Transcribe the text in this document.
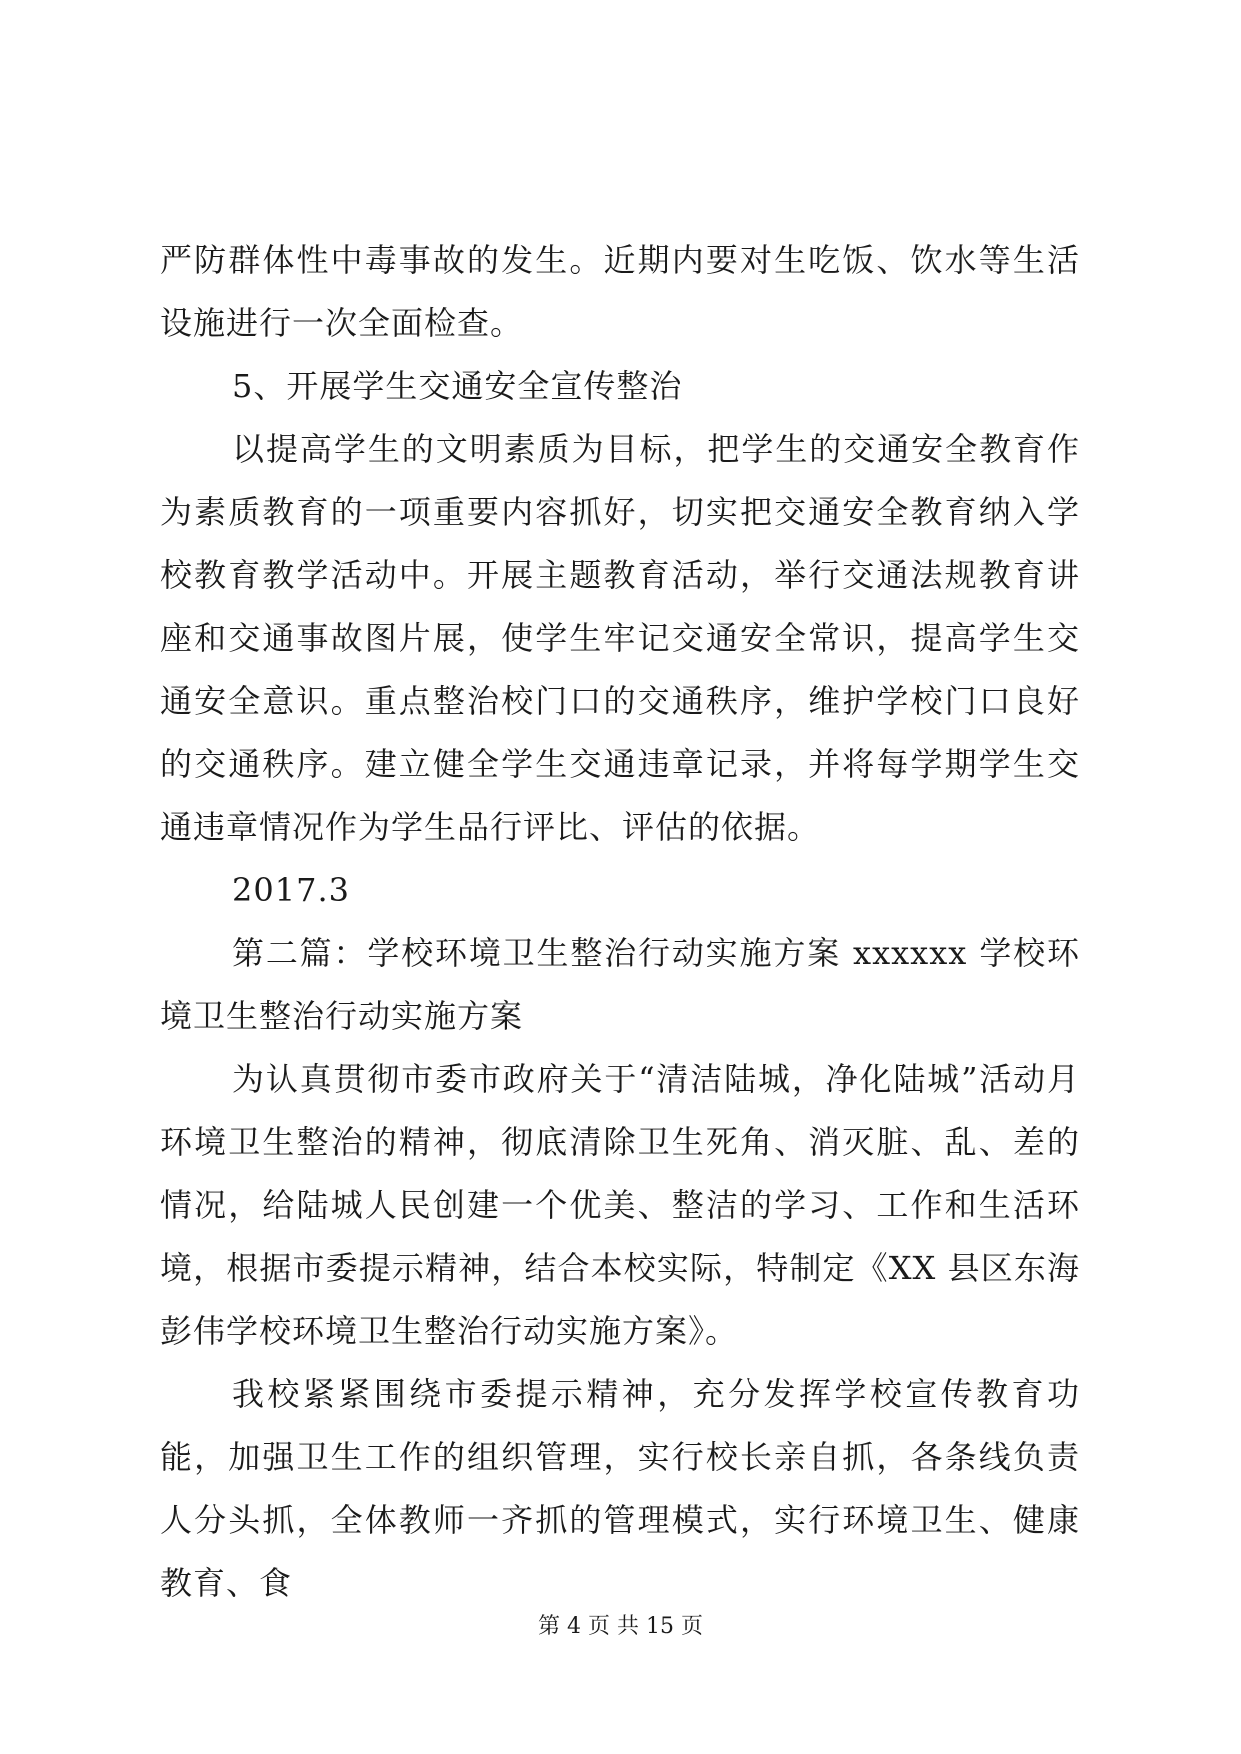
严防群体性中毒事故的发生。近期内要对生吃饭、饮水等生活设施进行一次全面检查。

5、开展学生交通安全宣传整治

以提高学生的文明素质为目标，把学生的交通安全教育作为素质教育的一项重要内容抓好，切实把交通安全教育纳入学校教育教学活动中。开展主题教育活动，举行交通法规教育讲座和交通事故图片展，使学生牢记交通安全常识，提高学生交通安全意识。重点整治校门口的交通秩序，维护学校门口良好的交通秩序。建立健全学生交通违章记录，并将每学期学生交通违章情况作为学生品行评比、评估的依据。

2017.3

第二篇：学校环境卫生整治行动实施方案 xxxxxx 学校环境卫生整治行动实施方案

为认真贯彻市委市政府关于“清洁陆城，净化陆城”活动月环境卫生整治的精神，彻底清除卫生死角、消灭脏、乱、差的情况，给陆城人民创建一个优美、整洁的学习、工作和生活环境，根据市委提示精神，结合本校实际，特制定《XX 县区东海彭伟学校环境卫生整治行动实施方案》。

我校紧紧围绕市委提示精神，充分发挥学校宣传教育功能，加强卫生工作的组织管理，实行校长亲自抓，各条线负责人分头抓，全体教师一齐抓的管理模式，实行环境卫生、健康教育、食

第 4 页 共 15 页
